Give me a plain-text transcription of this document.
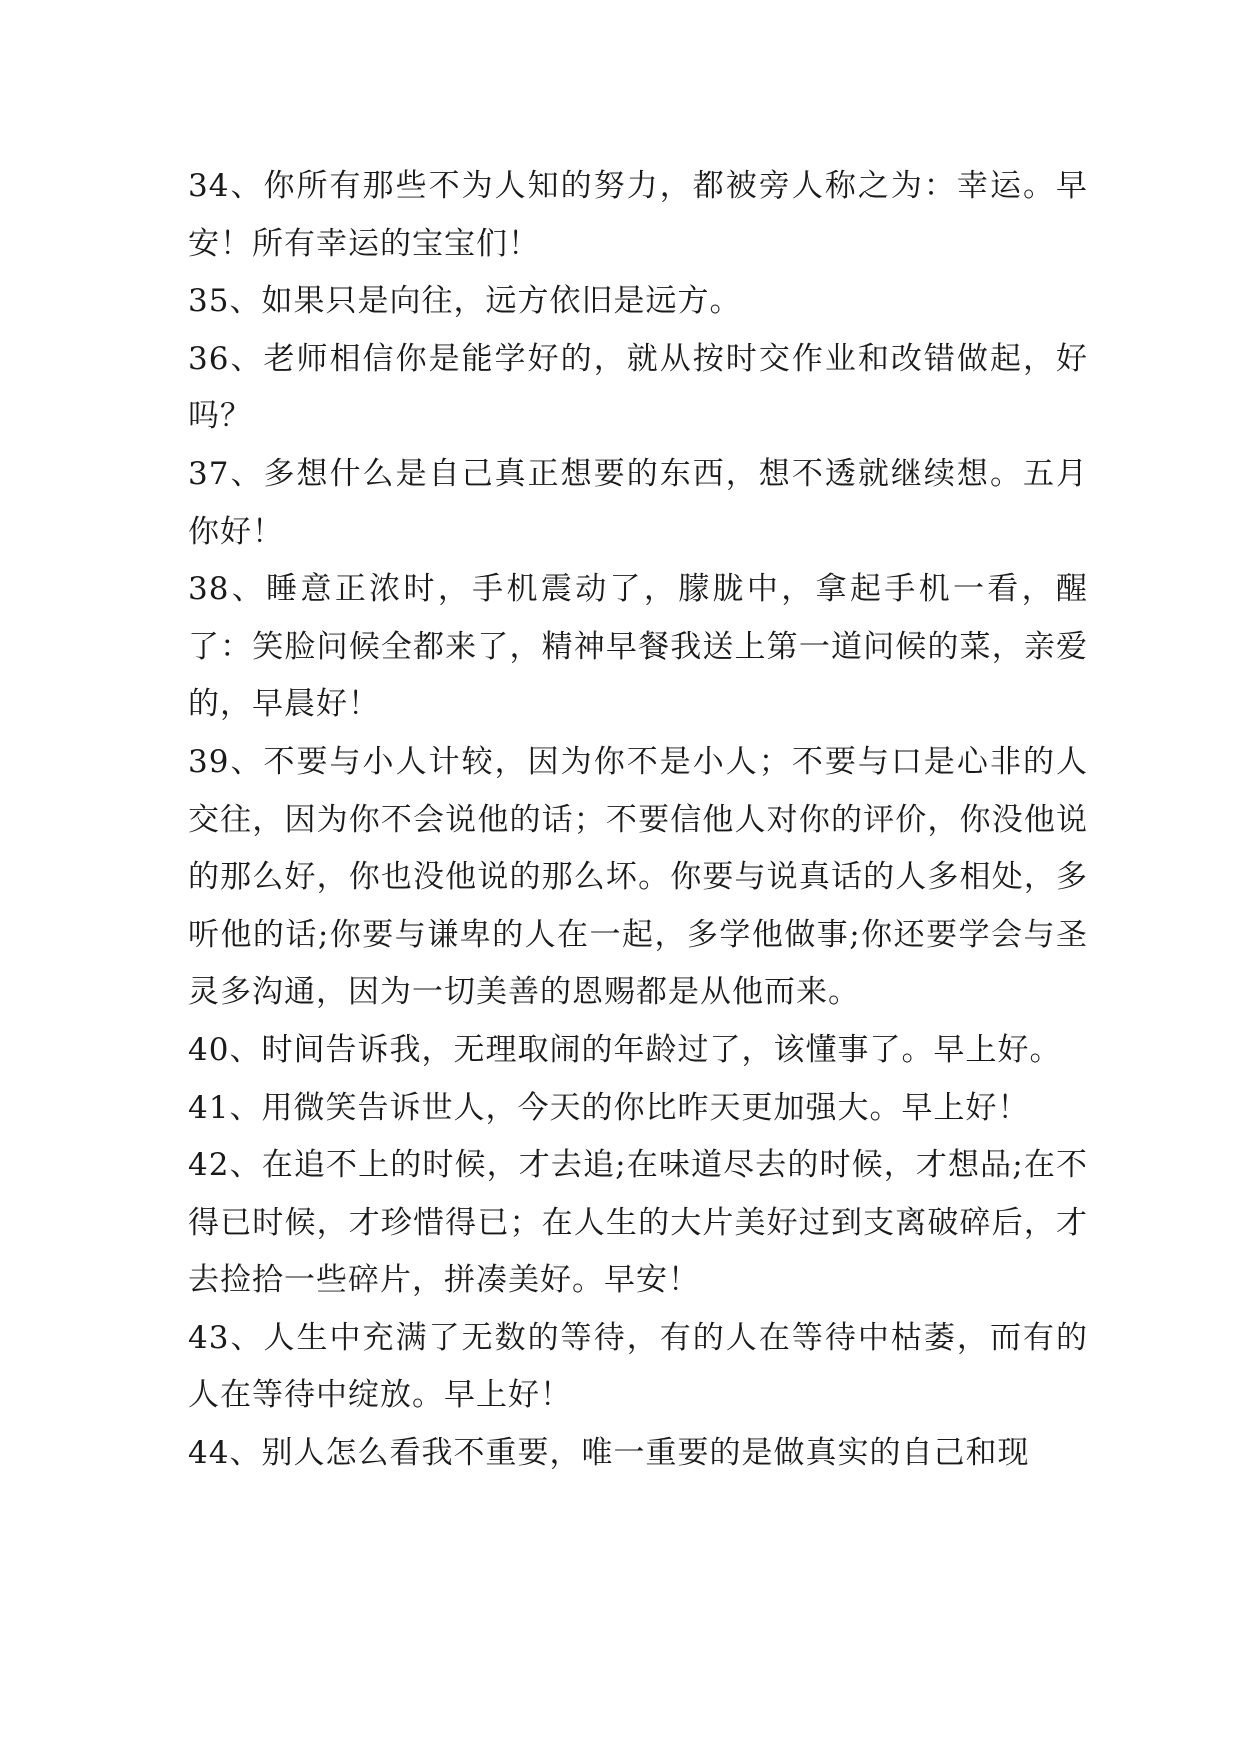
34、你所有那些不为人知的努力，都被旁人称之为：幸运。早安！所有幸运的宝宝们！

35、如果只是向往，远方依旧是远方。

36、老师相信你是能学好的，就从按时交作业和改错做起，好吗？

37、多想什么是自己真正想要的东西，想不透就继续想。五月你好！

38、睡意正浓时，手机震动了，朦胧中，拿起手机一看，醒了：笑脸问候全都来了，精神早餐我送上第一道问候的菜，亲爱的，早晨好！

39、不要与小人计较，因为你不是小人；不要与口是心非的人交往，因为你不会说他的话；不要信他人对你的评价，你没他说的那么好，你也没他说的那么坏。你要与说真话的人多相处，多听他的话;你要与谦卑的人在一起，多学他做事;你还要学会与圣灵多沟通，因为一切美善的恩赐都是从他而来。

40、时间告诉我，无理取闹的年龄过了，该懂事了。早上好。

41、用微笑告诉世人，今天的你比昨天更加强大。早上好！

42、在追不上的时候，才去追;在味道尽去的时候，才想品;在不得已时候，才珍惜得已；在人生的大片美好过到支离破碎后，才去捡拾一些碎片，拼凑美好。早安！

43、人生中充满了无数的等待，有的人在等待中枯萎，而有的人在等待中绽放。早上好！

44、别人怎么看我不重要，唯一重要的是做真实的自己和现
